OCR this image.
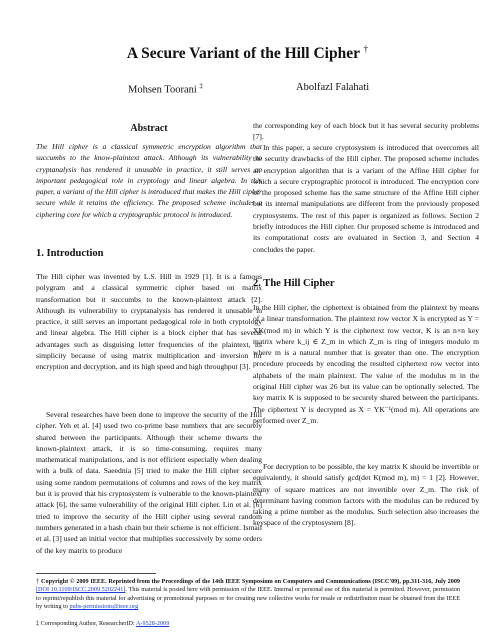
A Secure Variant of the Hill Cipher †
Mohsen Toorani ‡	Abolfazl Falahati
Abstract
The Hill cipher is a classical symmetric encryption algorithm that succumbs to the know-plaintext attack. Although its vulnerability to cryptanalysis has rendered it unusable in practice, it still serves an important pedagogical role in cryptology and linear algebra. In this paper, a variant of the Hill cipher is introduced that makes the Hill cipher secure while it retains the efficiency. The proposed scheme includes a ciphering core for which a cryptographic protocol is introduced.
1. Introduction
The Hill cipher was invented by L.S. Hill in 1929 [1]. It is a famous polygram and a classical symmetric cipher based on matrix transformation but it succumbs to the known-plaintext attack [2]. Although its vulnerability to cryptanalysis has rendered it unusable in practice, it still serves an important pedagogical role in both cryptology and linear algebra. The Hill cipher is a block cipher that has several advantages such as disguising letter frequencies of the plaintext, its simplicity because of using matrix multiplication and inversion for encryption and decryption, and its high speed and high throughput [3].
Several researches have been done to improve the security of the Hill cipher. Yeh et al. [4] used two co-prime base numbers that are securely shared between the participants. Although their scheme thwarts the known-plaintext attack, it is so time-consuming, requires many mathematical manipulations, and is not efficient especially when dealing with a bulk of data. Saeednia [5] tried to make the Hill cipher secure using some random permutations of columns and rows of the key matrix but it is proved that his cryptosystem is vulnerable to the known-plaintext attack [6], the same vulnerability of the original Hill cipher. Lin et al. [6] tried to improve the security of the Hill cipher using several random numbers generated in a hash chain but their scheme is not efficient. Ismail et al. [3] used an initial vector that multiplies successively by some orders of the key matrix to produce
the corresponding key of each block but it has several security problems [7].
In this paper, a secure cryptosystem is introduced that overcomes all the security drawbacks of the Hill cipher. The proposed scheme includes an encryption algorithm that is a variant of the Affine Hill cipher for which a secure cryptographic protocol is introduced. The encryption core of the proposed scheme has the same structure of the Affine Hill cipher but its internal manipulations are different from the previously proposed cryptosystems. The rest of this paper is organized as follows. Section 2 briefly introduces the Hill cipher. Our proposed scheme is introduced and its computational costs are evaluated in Section 3, and Section 4 concludes the paper.
2. The Hill Cipher
In the Hill cipher, the ciphertext is obtained from the plaintext by means of a linear transformation. The plaintext row vector X is encrypted as Y = XK(mod m) in which Y is the ciphertext row vector, K is an n×n key matrix where k_ij ∈ Z_m in which Z_m is ring of integers modulo m where m is a natural number that is greater than one. The encryption procedure proceeds by encoding the resulted ciphertext row vector into alphabets of the main plaintext. The value of the modulus m in the original Hill cipher was 26 but its value can be optionally selected. The key matrix K is supposed to be securely shared between the participants. The ciphertext Y is decrypted as X = YK⁻¹(mod m). All operations are performed over Z_m.
For decryption to be possible, the key matrix K should be invertible or equivalently, it should satisfy gcd(det K(mod m), m) = 1 [2]. However, many of square matrices are not invertible over Z_m. The risk of determinant having common factors with the modulus can be reduced by taking a prime number as the modulus. Such selection also increases the keyspace of the cryptosystem [8].
† Copyright © 2009 IEEE. Reprinted from the Proceedings of the 14th IEEE Symposium on Computers and Communications (ISCC'09), pp.311-316, July 2009 [DOI 10.1109/ISCC.2009.5202241]. This material is posted here with permission of the IEEE. Internal or personal use of this material is permitted. However, permission to reprint/republish this material for advertising or promotional purposes or for creating new collective works for resale or redistribution must be obtained from the IEEE by writing to pubs-permissions@ieee.org
‡ Corresponding Author, ResearcherID: A-9528-2009
